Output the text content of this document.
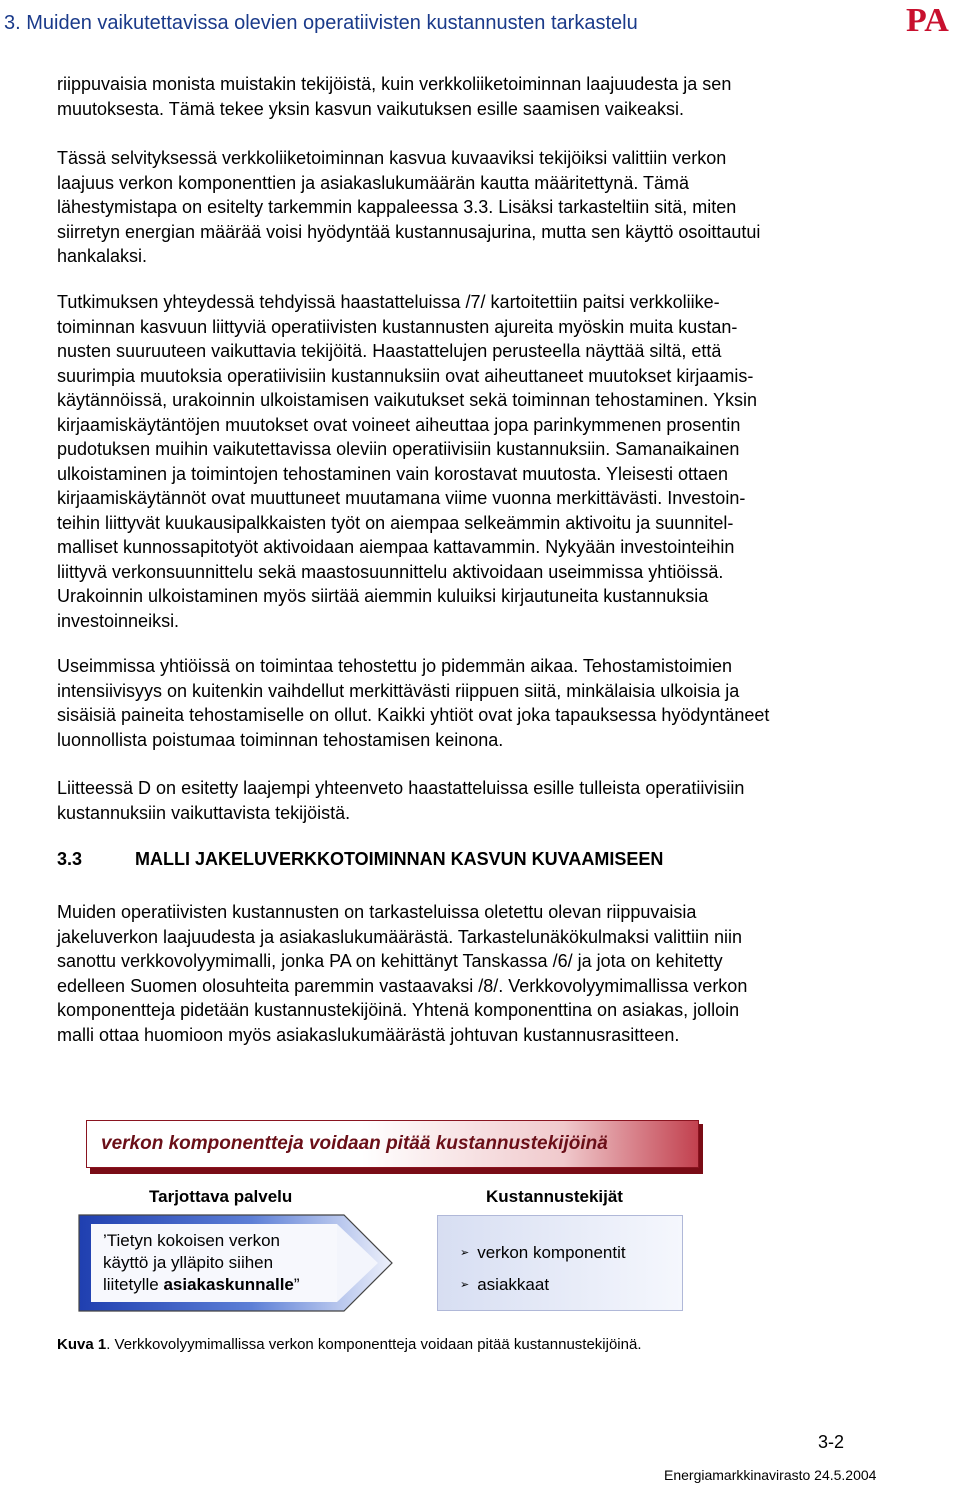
3. Muiden vaikutettavissa olevien operatiivisten kustannusten tarkastelu	PA

riippuvaisia monista muistakin tekijöistä, kuin verkkoliiketoiminnan laajuudesta ja sen

muutoksesta. Tämä tekee yksin kasvun vaikutuksen esille saamisen vaikeaksi.

Tässä selvityksessä verkkoliiketoiminnan kasvua kuvaaviksi tekijöiksi valittiin verkon

laajuus verkon komponenttien ja asiakaslukumäärän kautta määritettynä. Tämä

lähestymistapa on esitelty tarkemmin kappaleessa 3.3. Lisäksi tarkasteltiin sitä, miten

siirretyn energian määrää voisi hyödyntää kustannusajurina, mutta sen käyttö osoittautui

hankalaksi.

Tutkimuksen yhteydessä tehdyissä haastatteluissa /7/ kartoitettiin paitsi verkkoliike-

toiminnan kasvuun liittyviä operatiivisten kustannusten ajureita myöskin muita kustan-

nusten suuruuteen vaikuttavia tekijöitä. Haastattelujen perusteella näyttää siltä, että

suurimpia muutoksia operatiivisiin kustannuksiin ovat aiheuttaneet muutokset kirjaamis-

käytännöissä, urakoinnin ulkoistamisen vaikutukset sekä toiminnan tehostaminen. Yksin

kirjaamiskäytäntöjen muutokset ovat voineet aiheuttaa jopa parinkymmenen prosentin

pudotuksen muihin vaikutettavissa oleviin operatiivisiin kustannuksiin. Samanaikainen

ulkoistaminen ja toimintojen tehostaminen vain korostavat muutosta. Yleisesti ottaen

kirjaamiskäytännöt ovat muuttuneet muutamana viime vuonna merkittävästi. Investoin-

teihin liittyvät kuukausipalkkaisten työt on aiempaa selkeämmin aktivoitu ja suunnitel-

malliset kunnossapitotyöt aktivoidaan aiempaa kattavammin. Nykyään investointeihin

liittyvä verkonsuunnittelu sekä maastosuunnittelu aktivoidaan useimmissa yhtiöissä.

Urakoinnin ulkoistaminen myös siirtää aiemmin kuluiksi kirjautuneita kustannuksia

investoinneiksi.

Useimmissa yhtiöissä on toimintaa tehostettu jo pidemmän aikaa. Tehostamistoimien

intensiivisyys on kuitenkin vaihdellut merkittävästi riippuen siitä, minkälaisia ulkoisia ja

sisäisiä paineita tehostamiselle on ollut. Kaikki yhtiöt ovat joka tapauksessa hyödyntäneet

luonnollista poistumaa toiminnan tehostamisen keinona.

Liitteessä D on esitetty laajempi yhteenveto haastatteluissa esille tulleista operatiivisiin

kustannuksiin vaikuttavista tekijöistä.

3.3	MALLI JAKELUVERKKOTOIMINNAN KASVUN KUVAAMISEEN

Muiden operatiivisten kustannusten on tarkasteluissa oletettu olevan riippuvaisia

jakeluverkon laajuudesta ja asiakaslukumäärästä. Tarkastelunäkökulmaksi valittiin niin

sanottu verkkovolyymimalli, jonka PA on kehittänyt Tanskassa /6/ ja jota on kehitetty

edelleen Suomen olosuhteita paremmin vastaavaksi /8/. Verkkovolyymimallissa verkon

komponentteja pidetään kustannustekijöinä. Yhtenä komponenttina on asiakas, jolloin

malli ottaa huomioon myös asiakaslukumäärästä johtuvan kustannusrasitteen.

verkon komponentteja voidaan pitää kustannustekijöinä
Tarjottava palvelu	Kustannustekijät
’Tietyn kokoisen verkon
käyttö ja ylläpito siihen
liitetylle asiakaskunnalle”
➢ verkon komponentit
➢ asiakkaat
Kuva 1. Verkkovolyymimallissa verkon komponentteja voidaan pitää kustannustekijöinä.
3-2
Energiamarkkinavirasto 24.5.2004
